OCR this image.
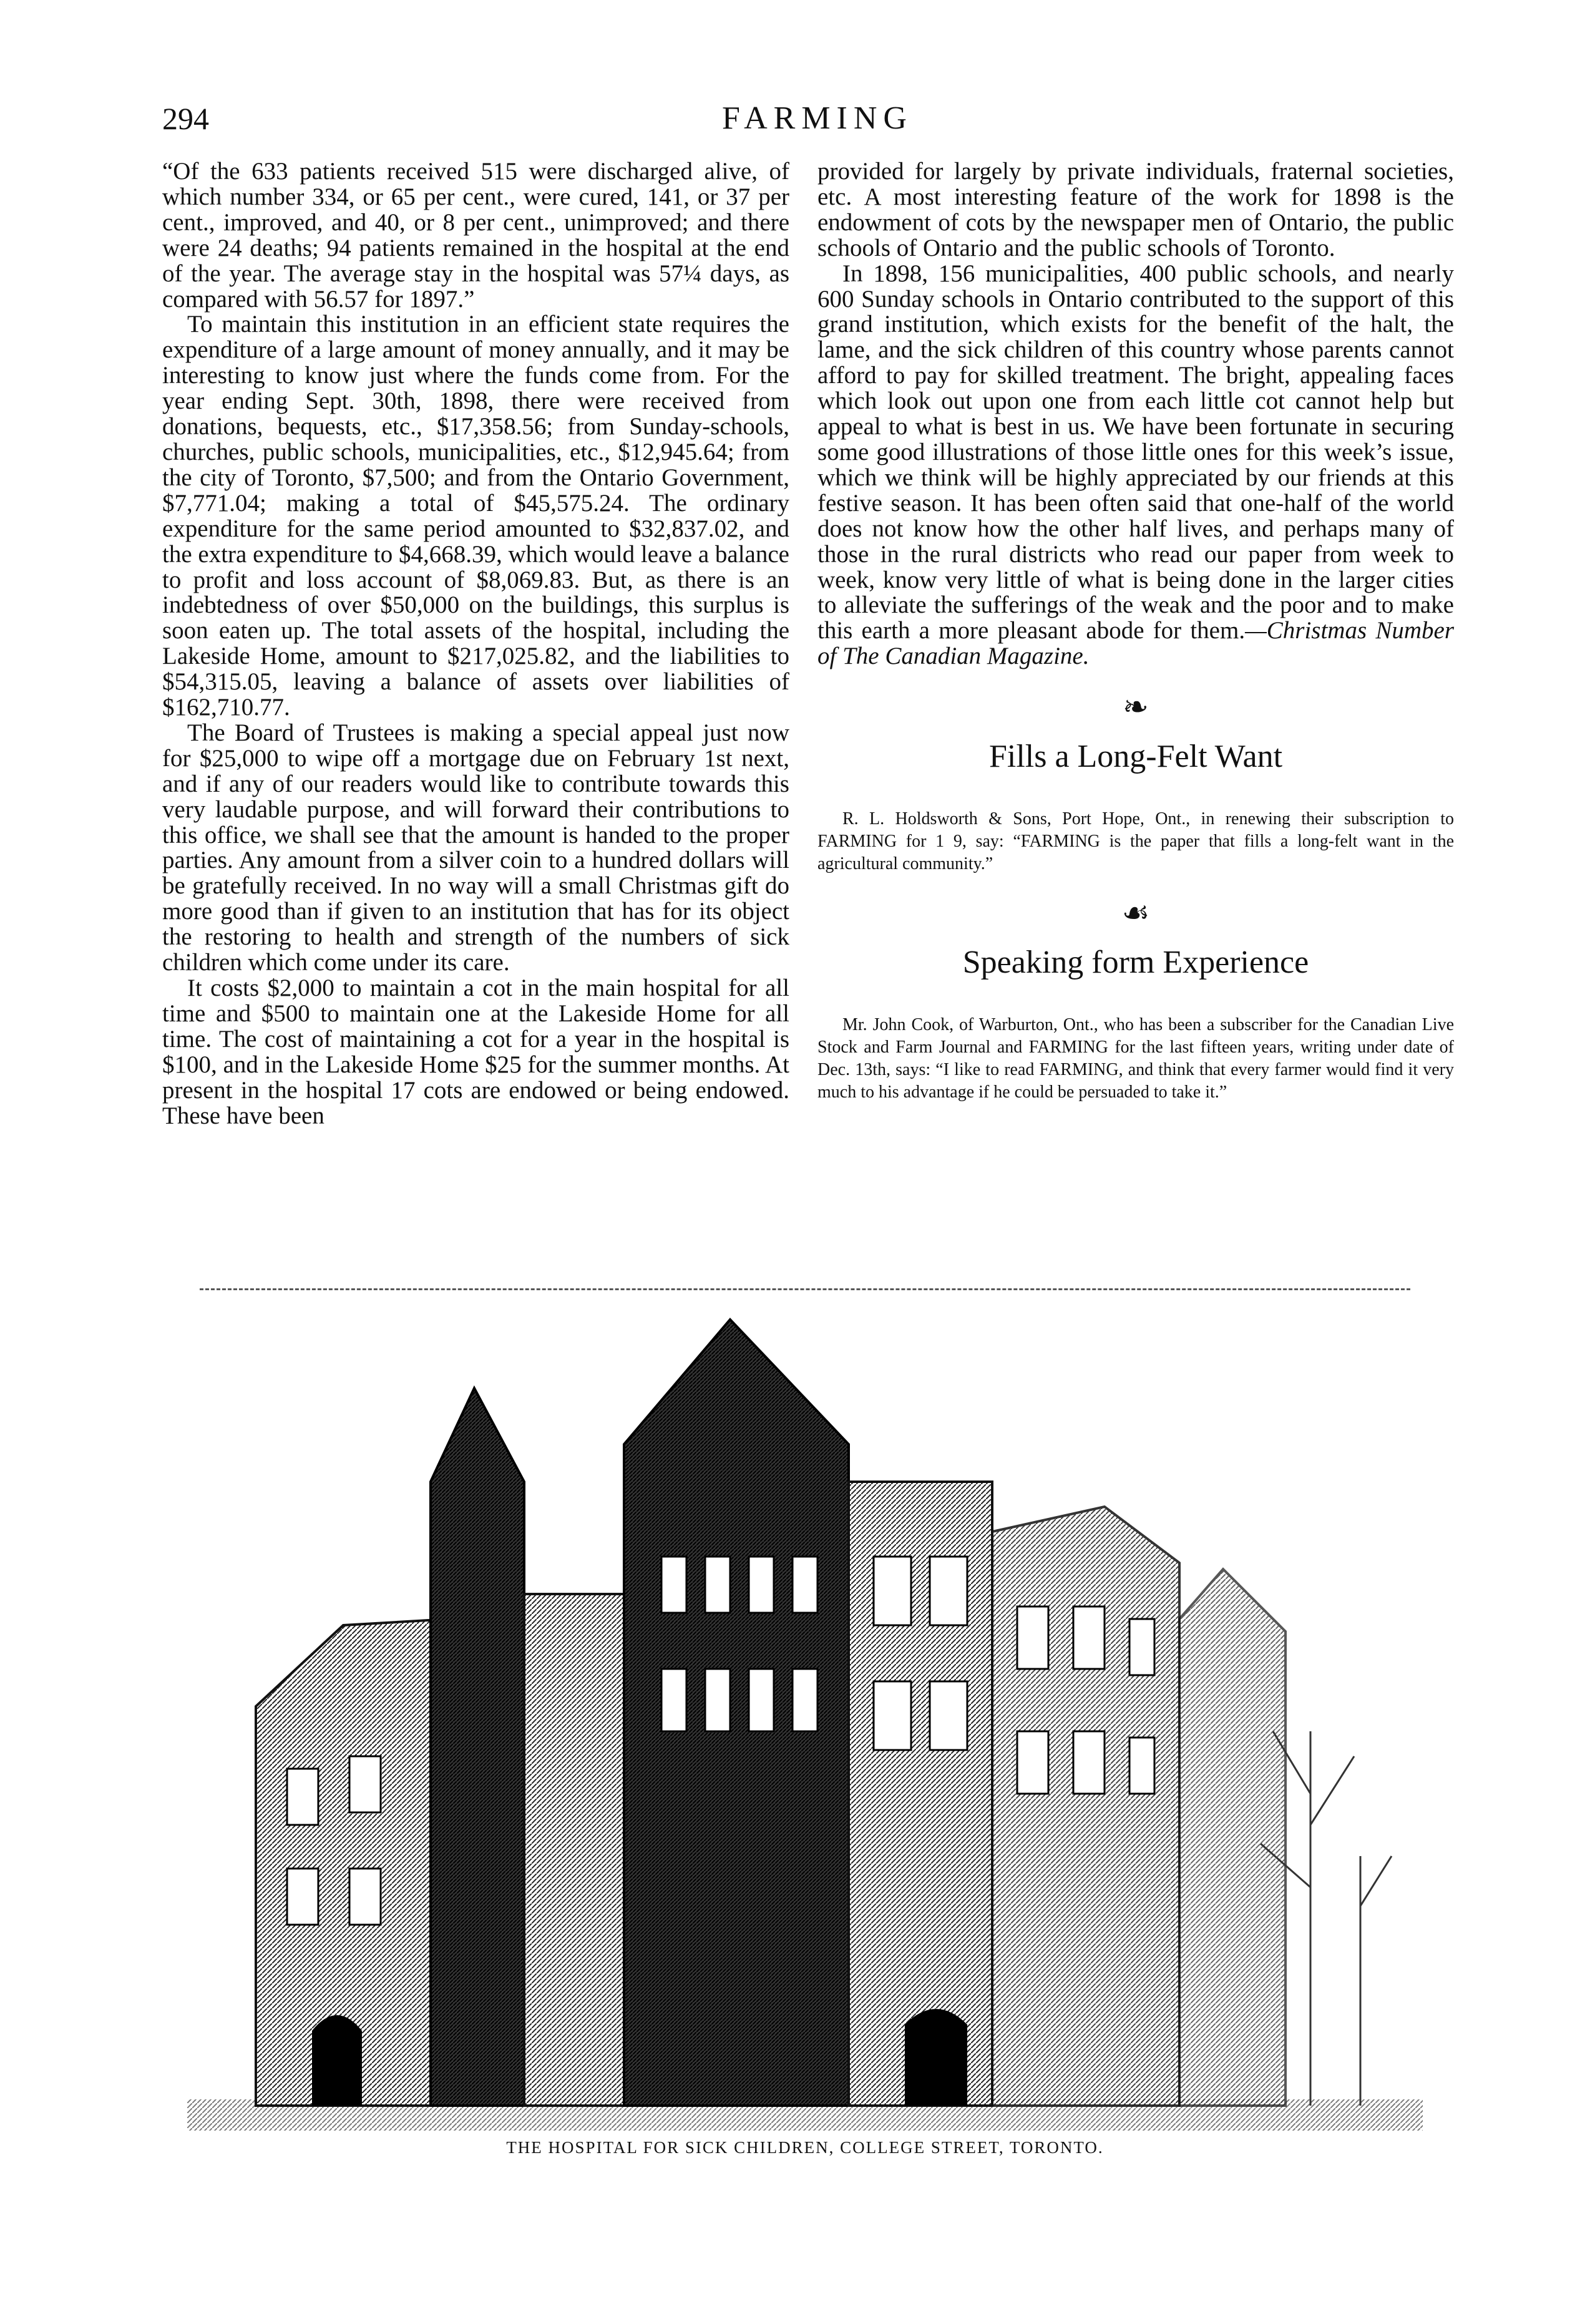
294	FARMING

“Of the 633 patients received 515 were discharged alive, of which number 334, or 65 per cent., were cured, 141, or 37 per cent., improved, and 40, or 8 per cent., unimproved; and there were 24 deaths; 94 patients remained in the hospital at the end of the year. The average stay in the hospital was 57¼ days, as compared with 56.57 for 1897.”

To maintain this institution in an efficient state requires the expenditure of a large amount of money annually, and it may be interesting to know just where the funds come from. For the year ending Sept. 30th, 1898, there were received from donations, bequests, etc., $17,358.56; from Sunday-schools, churches, public schools, municipalities, etc., $12,945.64; from the city of Toronto, $7,500; and from the Ontario Government, $7,771.04; making a total of $45,575.24. The ordinary expenditure for the same period amounted to $32,837.02, and the extra expenditure to $4,668.39, which would leave a balance to profit and loss account of $8,069.83. But, as there is an indebtedness of over $50,000 on the buildings, this surplus is soon eaten up. The total assets of the hospital, including the Lakeside Home, amount to $217,025.82, and the liabilities to $54,315.05, leaving a balance of assets over liabilities of $162,710.77.

The Board of Trustees is making a special appeal just now for $25,000 to wipe off a mortgage due on February 1st next, and if any of our readers would like to contribute towards this very laudable purpose, and will forward their contributions to this office, we shall see that the amount is handed to the proper parties. Any amount from a silver coin to a hundred dollars will be gratefully received. In no way will a small Christmas gift do more good than if given to an institution that has for its object the restoring to health and strength of the numbers of sick children which come under its care.

It costs $2,000 to maintain a cot in the main hospital for all time and $500 to maintain one at the Lakeside Home for all time. The cost of maintaining a cot for a year in the hospital is $100, and in the Lakeside Home $25 for the summer months. At present in the hospital 17 cots are endowed or being endowed. These have been

provided for largely by private individuals, fraternal societies, etc. A most interesting feature of the work for 1898 is the endowment of cots by the newspaper men of Ontario, the public schools of Ontario and the public schools of Toronto.

In 1898, 156 municipalities, 400 public schools, and nearly 600 Sunday schools in Ontario contributed to the support of this grand institution, which exists for the benefit of the halt, the lame, and the sick children of this country whose parents cannot afford to pay for skilled treatment. The bright, appealing faces which look out upon one from each little cot cannot help but appeal to what is best in us. We have been fortunate in securing some good illustrations of those little ones for this week’s issue, which we think will be highly appreciated by our friends at this festive season. It has been often said that one-half of the world does not know how the other half lives, and perhaps many of those in the rural districts who read our paper from week to week, know very little of what is being done in the larger cities to alleviate the sufferings of the weak and the poor and to make this earth a more pleasant abode for them.—Christmas Number of The Canadian Magazine.

❧
Fills a Long-Felt Want

R. L. Holdsworth & Sons, Port Hope, Ont., in renewing their subscription to FARMING for 1 9, say: “FARMING is the paper that fills a long-felt want in the agricultural community.”

☙
Speaking form Experience

Mr. John Cook, of Warburton, Ont., who has been a subscriber for the Canadian Live Stock and Farm Journal and FARMING for the last fifteen years, writing under date of Dec. 13th, says: “I like to read FARMING, and think that every farmer would find it very much to his advantage if he could be persuaded to take it.”

THE HOSPITAL FOR SICK CHILDREN, COLLEGE STREET, TORONTO.
